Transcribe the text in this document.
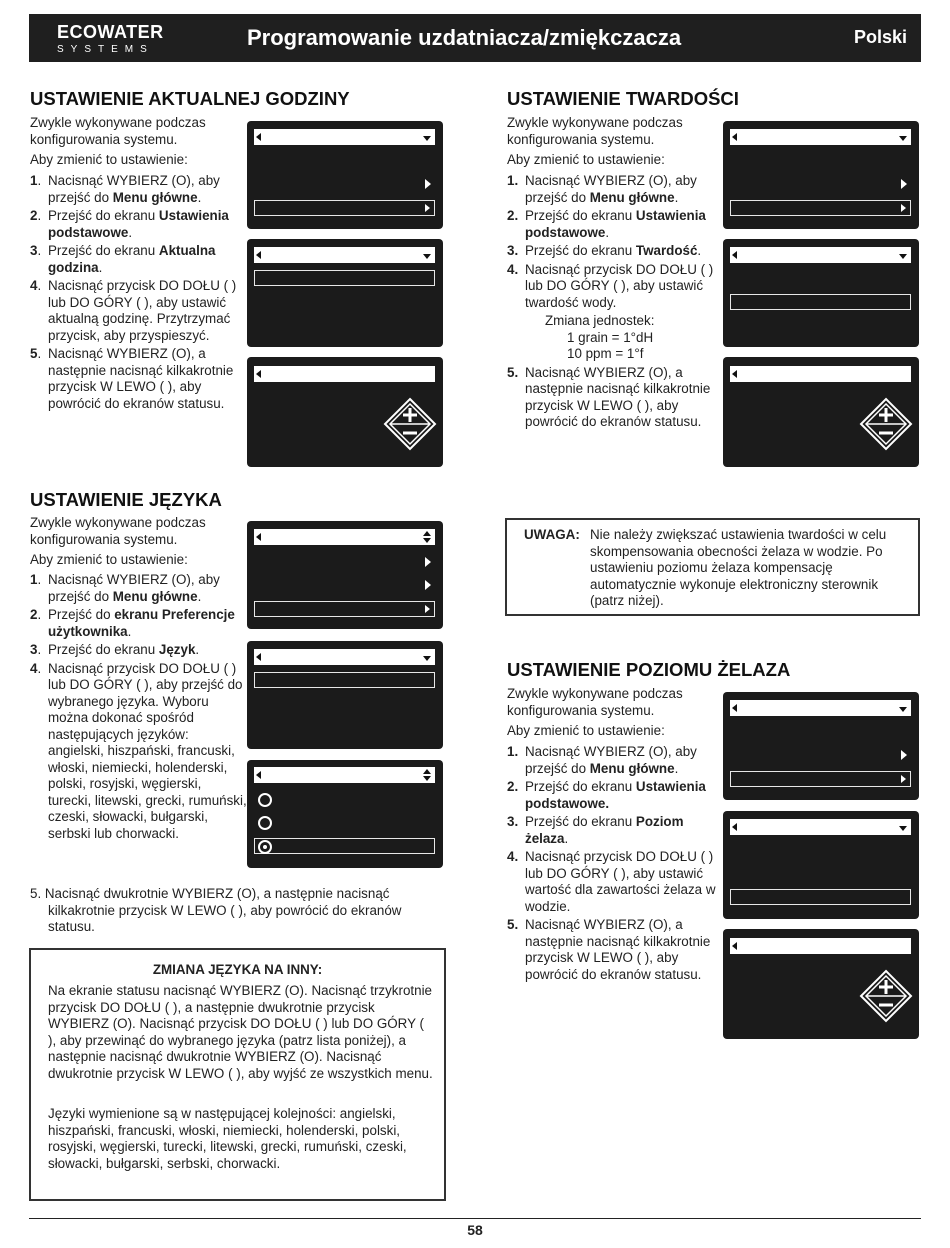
ECOWATER
SYSTEMS	Programowanie uzdatniacza/zmiękczacza	Polski
USTAWIENIE AKTUALNEJ GODZINY

Zwykle wykonywane podczas

konfigurowania systemu.

Aby zmienić to ustawienie:

1. Nacisnąć WYBIERZ (O), aby przejść do Menu główne.
2. Przejść do ekranu Ustawienia podstawowe.
3. Przejść do ekranu Aktualna godzina.
4. Nacisnąć przycisk DO DOŁU ( ) lub DO GÓRY ( ), aby ustawić aktualną godzinę. Przytrzymać przycisk, aby przyspieszyć.
5. Nacisnąć WYBIERZ (O), a następnie nacisnąć kilkakrotnie przycisk W LEWO ( ), aby powrócić do ekranów statusu.
USTAWIENIE JĘZYKA

Zwykle wykonywane podczas

konfigurowania systemu.

Aby zmienić to ustawienie:

1. Nacisnąć WYBIERZ (O), aby przejść do Menu główne.
2. Przejść do ekranu Preferencje użytkownika.
3. Przejść do ekranu Język.
4. Nacisnąć przycisk DO DOŁU ( ) lub DO GÓRY ( ), aby przejść do wybranego języka. Wyboru można dokonać spośród następujących języków: angielski, hiszpański, francuski, włoski, niemiecki, holenderski, polski, rosyjski, węgierski, turecki, litewski, grecki, rumuński, czeski, słowacki, bułgarski, serbski lub chorwacki.

5. Nacisnąć dwukrotnie WYBIERZ (O), a następnie nacisnąć kilkakrotnie przycisk W LEWO ( ), aby powrócić do ekranów statusu.

ZMIANA JĘZYKA NA INNY:
Na ekranie statusu nacisnąć WYBIERZ (O). Nacisnąć trzykrotnie przycisk DO DOŁU ( ), a następnie dwukrotnie przycisk WYBIERZ (O). Nacisnąć przycisk DO DOŁU ( ) lub DO GÓRY ( ), aby przewinąć do wybranego języka (patrz lista poniżej), a następnie nacisnąć dwukrotnie WYBIERZ (O). Nacisnąć dwukrotnie przycisk W LEWO ( ), aby wyjść ze wszystkich menu.
Języki wymienione są w następującej kolejności: angielski, hiszpański, francuski, włoski, niemiecki, holenderski, polski, rosyjski, węgierski, turecki, litewski, grecki, rumuński, czeski, słowacki, bułgarski, serbski, chorwacki.
USTAWIENIE TWARDOŚCI

Zwykle wykonywane podczas

konfigurowania systemu.

Aby zmienić to ustawienie:

1. Nacisnąć WYBIERZ (O), aby przejść do Menu główne.
2. Przejść do ekranu Ustawienia podstawowe.
3. Przejść do ekranu Twardość.
4. Nacisnąć przycisk DO DOŁU ( ) lub DO GÓRY ( ), aby ustawić twardość wody.
Zmiana jednostek:
1 grain = 1°dH
10 ppm = 1°f
5. Nacisnąć WYBIERZ (O), a następnie nacisnąć kilkakrotnie przycisk W LEWO ( ), aby powrócić do ekranów statusu.
UWAGA: Nie należy zwiększać ustawienia twardości w celu skompensowania obecności żelaza w wodzie. Po ustawieniu poziomu żelaza kompensację automatycznie wykonuje elektroniczny sterownik (patrz niżej).
USTAWIENIE POZIOMU ŻELAZA

Zwykle wykonywane podczas

konfigurowania systemu.

Aby zmienić to ustawienie:

1. Nacisnąć WYBIERZ (O), aby przejść do Menu główne.
2. Przejść do ekranu Ustawienia podstawowe.
3. Przejść do ekranu Poziom żelaza.
4. Nacisnąć przycisk DO DOŁU ( ) lub DO GÓRY ( ), aby ustawić wartość dla zawartości żelaza w wodzie.
5. Nacisnąć WYBIERZ (O), a następnie nacisnąć kilkakrotnie przycisk W LEWO ( ), aby powrócić do ekranów statusu.
58
